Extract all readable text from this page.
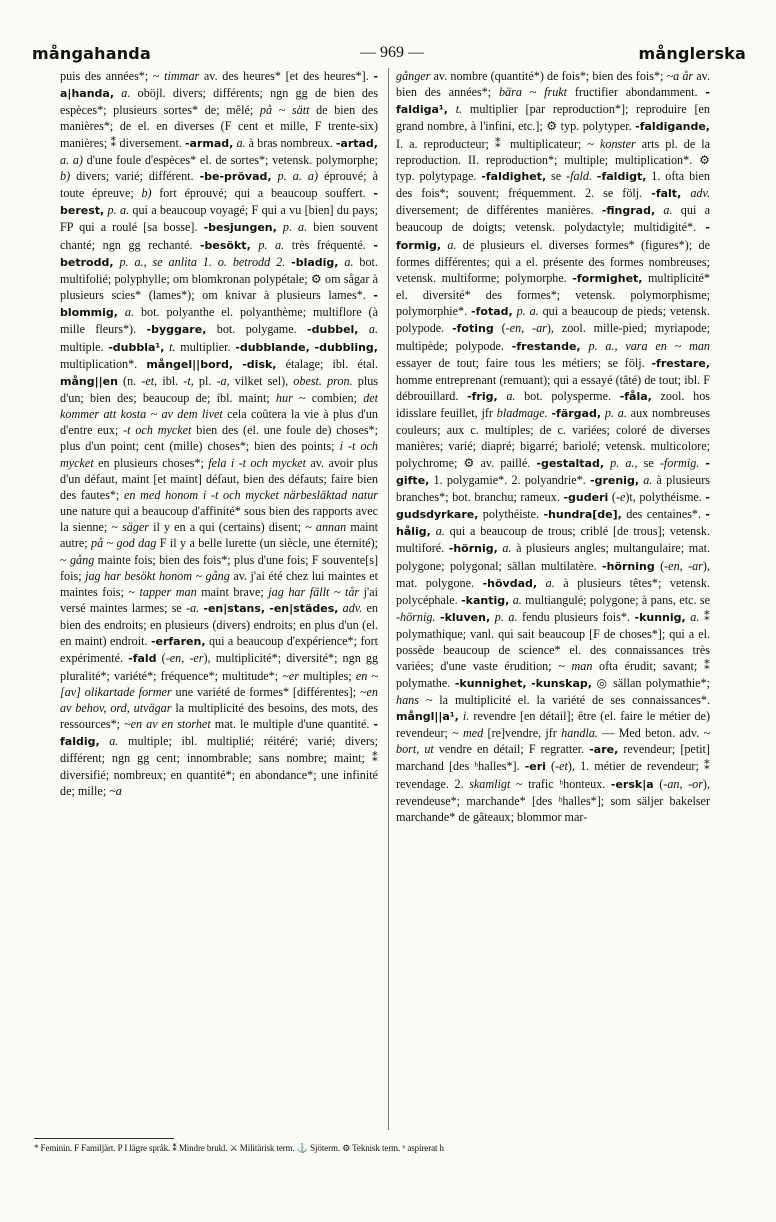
mångahanda	— 969 —	månglerska

puis des années*; ~ timmar av. des heures* [et des heures*]. -a|handa, a. oböjl. divers; différents; ngn gg de bien des espèces*; plusieurs sortes* de; mêlé; på ~ sätt de bien des manières*; de el. en diverses (F cent et mille, F trente-six) manières; ⁑ diversement. -armad, a. à bras nombreux. -artad, a. a) d'une foule d'espèces* el. de sortes*; vetensk. polymorphe; b) divers; varié; différent. -be-prövad, p. a. a) éprouvé; à toute épreuve; b) fort éprouvé; qui a beaucoup souffert. -berest, p. a. qui a beaucoup voyagé; F qui a vu [bien] du pays; FP qui a roulé [sa bosse]. -besjungen, p. a. bien souvent chanté; ngn gg rechanté. -besökt, p. a. très fréquenté. -betrodd, p. a., se anlita 1. o. betrodd 2. -bladig, a. bot. multifolié; polyphylle; om blomkronan polypétale; ⚙ om sågar à plusieurs scies* (lames*); om knivar à plusieurs lames*. -blommig, a. bot. polyanthe el. polyanthème; multiflore (à mille fleurs*). -byggare, bot. polygame. -dubbel, a. multiple. -dubbla¹, t. multiplier. -dubblande, -dubbling, multiplication*. mångel||bord, -disk, étalage; ibl. étal. mång||en (n. -et, ibl. -t, pl. -a, vilket sel), obest. pron. plus d'un; bien des; beaucoup de; ibl. maint; hur ~ combien; det kommer att kosta ~ av dem livet cela coûtera la vie à plus d'un d'entre eux; -t och mycket bien des (el. une foule de) choses*; plus d'un point; cent (mille) choses*; bien des points; i -t och mycket en plusieurs choses*; fela i -t och mycket av. avoir plus d'un défaut, maint [et maint] défaut, bien des défauts; faire bien des fautes*; en med honom i -t och mycket närbesläktad natur une nature qui a beaucoup d'affinité* sous bien des rapports avec la sienne; ~ säger il y en a qui (certains) disent; ~ annan maint autre; på ~ god dag F il y a belle lurette (un siècle, une éternité); ~ gång mainte fois; bien des fois*; plus d'une fois; F souvente[s] fois; jag har besökt honom ~ gång av. j'ai été chez lui maintes et maintes fois; ~ tapper man maint brave; jag har fällt ~ tår j'ai versé maintes larmes; se -a. -en|stans, -en|städes, adv. en bien des endroits; en plusieurs (divers) endroits; en plus d'un (el. en maint) endroit. -erfaren, qui a beaucoup d'expérience*; fort expérimenté. -fald (-en, -er), multiplicité*; diversité*; ngn gg pluralité*; variété*; fréquence*; multitude*; ~er multiples; en ~ [av] olikartade former une variété de formes* [différentes]; ~en av behov, ord, utvägar la multiplicité des besoins, des mots, des ressources*; ~en av en storhet mat. le multiple d'une quantité. -faldig, a. multiple; ibl. multiplié; réitéré; varié; divers; différent; ngn gg cent; innombrable; sans nombre; maint; ⁑ diversifié; nombreux; en quantité*; en abondance*; une infinité de; mille; ~a

gånger av. nombre (quantité*) de fois*; bien des fois*; ~a år av. bien des années*; bära ~ frukt fructifier abondamment. -faldiga¹, t. multiplier [par reproduction*]; reproduire [en grand nombre, à l'infini, etc.]; ⚙ typ. polytyper. -faldigande, I. a. reproducteur; ⁑ multiplicateur; ~ konster arts pl. de la reproduction. II. reproduction*; multiple; multiplication*. ⚙ typ. polytypage. -faldighet, se -fald. -faldigt, 1. ofta bien des fois*; souvent; fréquemment. 2. se följ. -falt, adv. diversement; de différentes manières. -fingrad, a. qui a beaucoup de doigts; vetensk. polydactyle; multidigité*. -formig, a. de plusieurs el. diverses formes* (figures*); de formes différentes; qui a el. présente des formes nombreuses; vetensk. multiforme; polymorphe. -formighet, multiplicité* el. diversité* des formes*; vetensk. polymorphisme; polymorphie*. -fotad, p. a. qui a beaucoup de pieds; vetensk. polypode. -foting (-en, -ar), zool. mille-pied; myriapode; multipède; polypode. -frestande, p. a., vara en ~ man essayer de tout; faire tous les métiers; se följ. -frestare, homme entreprenant (remuant); qui a essayé (tâté) de tout; ibl. F débrouillard. -frig, a. bot. polysperme. -fåla, zool. hos idisslare feuillet, jfr bladmage. -färgad, p. a. aux nombreuses couleurs; aux c. multiples; de c. variées; coloré de diverses manières; varié; diapré; bigarré; bariolé; vetensk. multicolore; polychrome; ⚙ av. paillé. -gestaltad, p. a., se -formig. -gifte, 1. polygamie*. 2. polyandrie*. -grenig, a. à plusieurs branches*; bot. branchu; rameux. -guderi (-e)t, polythéisme. -gudsdyrkare, polythéiste. -hundra[de], des centaines*. -hålig, a. qui a beaucoup de trous; criblé [de trous]; vetensk. multiforé. -hörnig, a. à plusieurs angles; multangulaire; mat. polygone; polygonal; sällan multilatère. -hörning (-en, -ar), mat. polygone. -hövdad, a. à plusieurs têtes*; vetensk. polycéphale. -kantig, a. multiangulé; polygone; à pans, etc. se -hörnig. -kluven, p. a. fendu plusieurs fois*. -kunnig, a. ⁑ polymathique; vanl. qui sait beaucoup [F de choses*]; qui a el. possède beaucoup de science* el. des connaissances très variées; d'une vaste érudition; ~ man ofta érudit; savant; ⁑ polymathe. -kunnighet, -kunskap, ◎ sällan polymathie*; hans ~ la multiplicité el. la variété de ses connaissances*. mångl||a¹, i. revendre [en détail]; être (el. faire le métier de) revendeur; ~ med [re]vendre, jfr handla. — Med beton. adv. ~ bort, ut vendre en détail; F regratter. -are, revendeur; [petit] marchand [des ʰhalles*]. -eri (-et), 1. métier de revendeur; ⁑ revendage. 2. skamligt ~ trafic ʰhonteux. -ersk|a (-an, -or), revendeuse*; marchande* [des ʰhalles*]; som säljer bakelser marchande* de gâteaux; blommor mar-

* Feminin. F Familjärt. P I lägre språk. ⁑ Mindre brukl. ⚔ Militärisk term. ⚓ Sjöterm. ⚙ Teknisk term. ʰ aspirerat h
